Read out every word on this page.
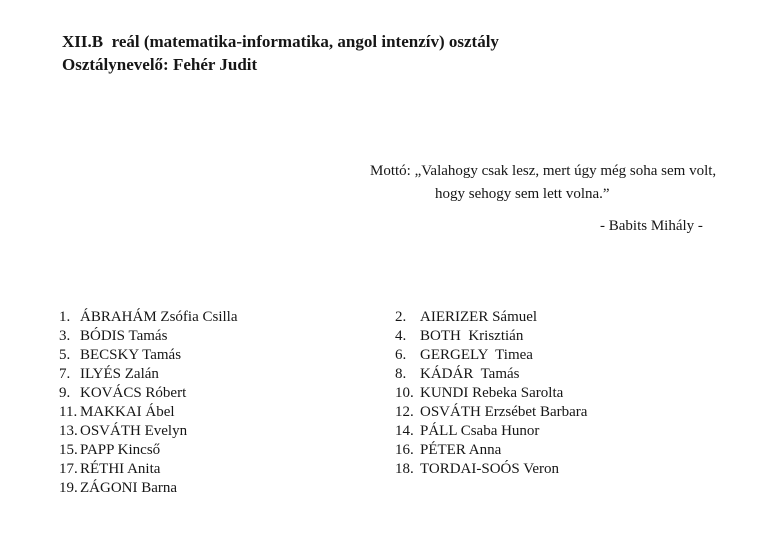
XII.B  reál (matematika-informatika, angol intenzív) osztály
Osztálynevelő: Fehér Judit
Mottó: „Valahogy csak lesz, mert úgy még soha sem volt,
hogy sehogy sem lett volna.”
- Babits Mihály -
1. ÁBRAHÁM Zsófia Csilla
3. BÓDIS Tamás
5. BECSKY Tamás
7. ILYÉS Zalán
9. KOVÁCS Róbert
11. MAKKAI Ábel
13. OSVÁTH Evelyn
15. PAPP Kincső
17. RÉTHI Anita
19. ZÁGONI Barna
2. AIERIZER Sámuel
4. BOTH  Krisztián
6. GERGELY  Timea
8. KÁDÁR  Tamás
10. KUNDI Rebeka Sarolta
12. OSVÁTH Erzsébet Barbara
14. PÁLL Csaba Hunor
16. PÉTER Anna
18. TORDAI-SOÓS Veron
